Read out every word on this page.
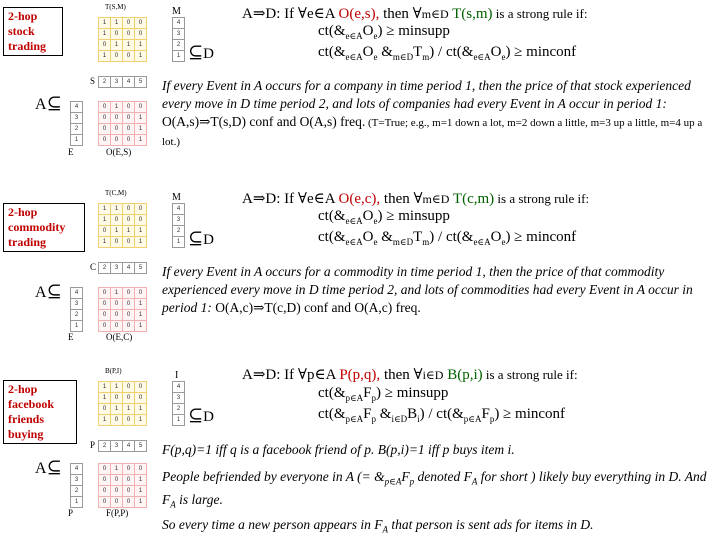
2-hop
stock
trading
T(S,M)
1	1	0	0
1	0	0	0
0	1	1	1
1	0	0	1
M
4
3
2
1 ⊆D
S 2	3	4	5
A⊆ 4
3
2
1
0	1	0	0
0	0	0	1
0	0	0	1
0	0	0	1
E	O(E,S)
A⇒D: If ∀e∈A O(e,s), then ∀m∈D T(s,m) is a strong rule if:
$ct(\&_{e\in A}O_e)$ ≥ minsupp
$ct(\&_{e\in A}O_e$ $\&_{m\in D}T_m$) / $ct(\&_{e\in A}O_e)$ ≥ minconf
If every Event in A occurs for a company in time period 1, then the price of that stock experienced every move in D time period 2, and lots of companies had every Event in A occur in period 1: O(A,s)⇒T(s,D) conf and O(A,s) freq. (T=True; e.g., m=1 down a lot, m=2 down a little, m=3 up a little, m=4 up a lot.)
2-hop
commodity
trading
T(C,M)
1	1	0	0
1	0	0	0
0	1	1	1
1	0	0	1
M
4
3
2
1 ⊆D
C 2	3	4	5
A⊆ 4
3
2
1
0	1	0	0
0	0	0	1
0	0	0	1
0	0	0	1
E	O(E,C)
A⇒D: If ∀e∈A O(e,c), then ∀m∈D T(c,m) is a strong rule if:
$ct(\&_{e\in A}O_e)$ ≥ minsupp
$ct(\&_{e\in A}O_e$ $\&_{m\in D}T_m$) / $ct(\&_{e\in A}O_e)$ ≥ minconf
If every Event in A occurs for a commodity in time period 1, then the price of that commodity experienced every move in D time period 2, and lots of commodities had every Event in A occur in period 1: O(A,c)⇒T(c,D) conf and O(A,c) freq.
2-hop
facebook
friends
buying
B(P,I)
1	1	0	0
1	0	0	0
0	1	1	1
1	0	0	1
I
4
3
2
1 ⊆D
P 2	3	4	5
A⊆ 4
3
2
1
0	1	0	0
0	0	0	1
0	0	0	1
0	0	0	1
P	F(P,P)
A⇒D: If ∀p∈A P(p,q), then ∀i∈D B(p,i) is a strong rule if:
$ct(\&_{p\in A}F_p)$ ≥ minsupp
$ct(\&_{p\in A}F_p$ $\&_{i\in D}B_i$) / $ct(\&_{p\in A}F_p)$ ≥ minconf
F(p,q)=1 iff q is a facebook friend of p. B(p,i)=1 iff p buys item i.
People befriended by everyone in A (= $\&_{p\in A}F_p$ denoted $F_A$ for short ) likely buy everything in D. And $F_A$ is large.
So every time a new person appears in $F_A$ that person is sent ads for items in D.
